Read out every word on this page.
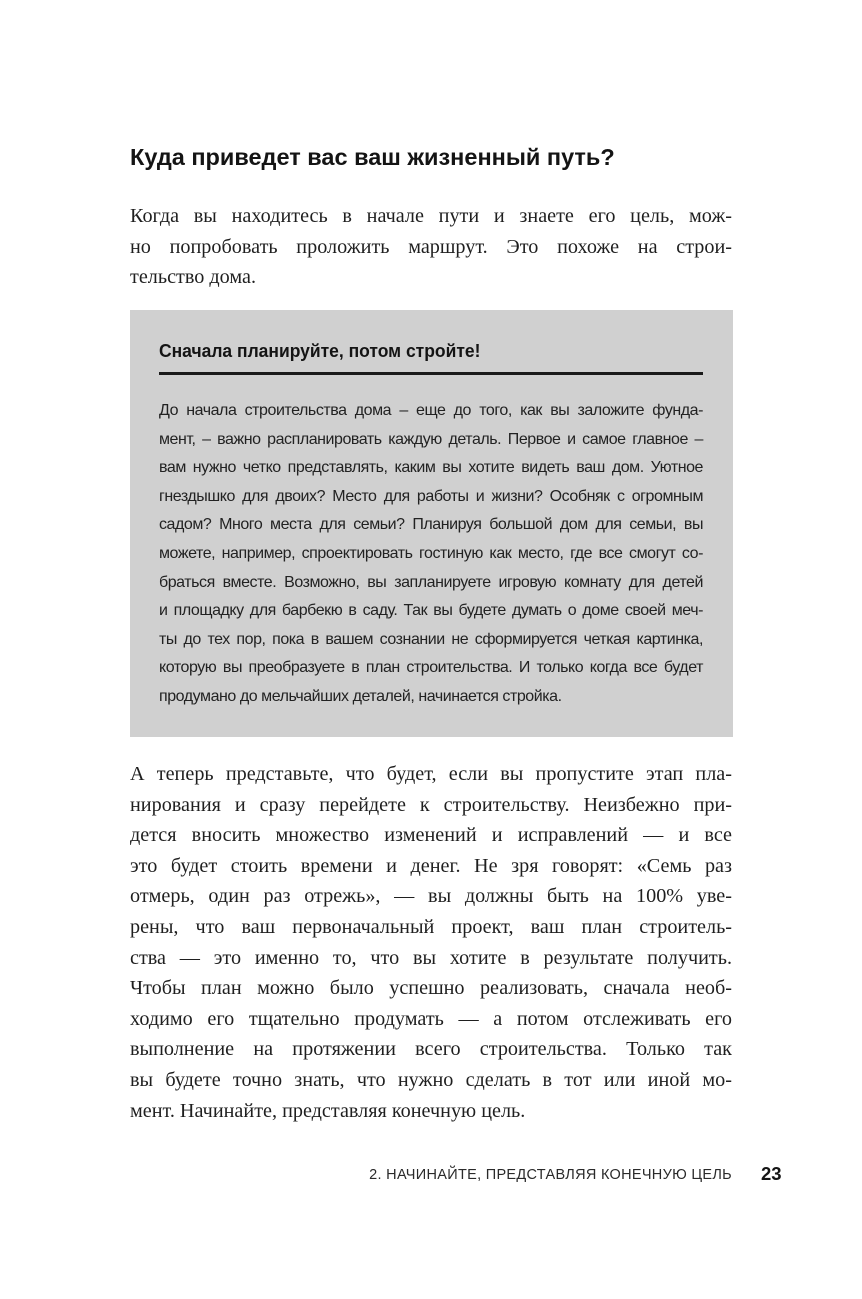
Куда приведет вас ваш жизненный путь?
Когда вы находитесь в начале пути и знаете его цель, мож-
но попробовать проложить маршрут. Это похоже на строи-
тельство дома.
Сначала планируйте, потом стройте!
До начала строительства дома – еще до того, как вы заложите фунда-
мент, – важно распланировать каждую деталь. Первое и самое главное –
вам нужно четко представлять, каким вы хотите видеть ваш дом. Уютное
гнездышко для двоих? Место для работы и жизни? Особняк с огромным
садом? Много места для семьи? Планируя большой дом для семьи, вы
можете, например, спроектировать гостиную как место, где все смогут со-
браться вместе. Возможно, вы запланируете игровую комнату для детей
и площадку для барбекю в саду. Так вы будете думать о доме своей меч-
ты до тех пор, пока в вашем сознании не сформируется четкая картинка,
которую вы преобразуете в план строительства. И только когда все будет
продумано до мельчайших деталей, начинается стройка.
А теперь представьте, что будет, если вы пропустите этап пла-
нирования и сразу перейдете к строительству. Неизбежно при-
дется вносить множество изменений и исправлений — и все
это будет стоить времени и денег. Не зря говорят: «Семь раз
отмерь, один раз отрежь», — вы должны быть на 100% уве-
рены, что ваш первоначальный проект, ваш план строитель-
ства — это именно то, что вы хотите в результате получить.
Чтобы план можно было успешно реализовать, сначала необ-
ходимо его тщательно продумать — а потом отслеживать его
выполнение на протяжении всего строительства. Только так
вы будете точно знать, что нужно сделать в тот или иной мо-
мент. Начинайте, представляя конечную цель.
2. НАЧИНАЙТЕ, ПРЕДСТАВЛЯЯ КОНЕЧНУЮ ЦЕЛЬ 23
